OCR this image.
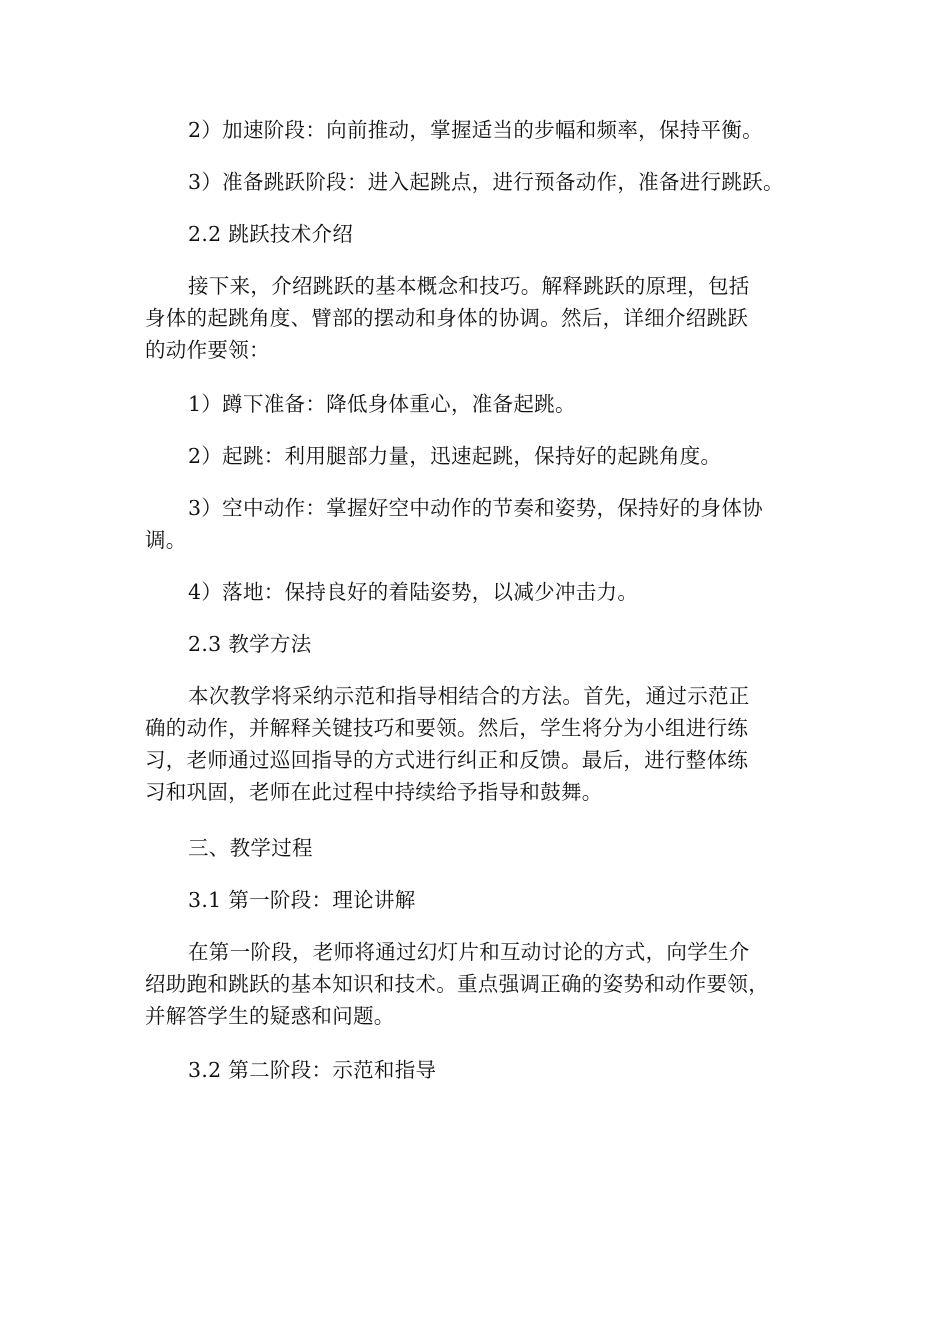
2）加速阶段：向前推动，掌握适当的步幅和频率，保持平衡。
3）准备跳跃阶段：进入起跳点，进行预备动作，准备进行跳跃。
2.2 跳跃技术介绍
接下来，介绍跳跃的基本概念和技巧。解释跳跃的原理，包括
身体的起跳角度、臂部的摆动和身体的协调。然后，详细介绍跳跃
的动作要领：
1）蹲下准备：降低身体重心，准备起跳。
2）起跳：利用腿部力量，迅速起跳，保持好的起跳角度。
3）空中动作：掌握好空中动作的节奏和姿势，保持好的身体协
调。
4）落地：保持良好的着陆姿势，以减少冲击力。
2.3 教学方法
本次教学将采纳示范和指导相结合的方法。首先，通过示范正
确的动作，并解释关键技巧和要领。然后，学生将分为小组进行练
习，老师通过巡回指导的方式进行纠正和反馈。最后，进行整体练
习和巩固，老师在此过程中持续给予指导和鼓舞。
三、教学过程
3.1 第一阶段：理论讲解
在第一阶段，老师将通过幻灯片和互动讨论的方式，向学生介
绍助跑和跳跃的基本知识和技术。重点强调正确的姿势和动作要领，
并解答学生的疑惑和问题。
3.2 第二阶段：示范和指导
